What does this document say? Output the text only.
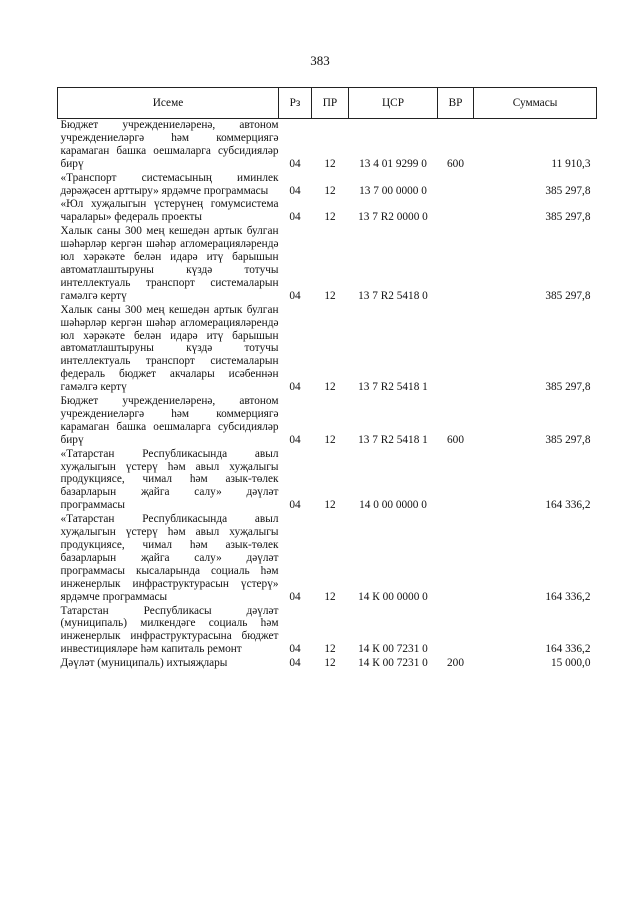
383
Исеме	Рз	ПР	ЦСР	ВР	Суммасы
Бюджет учреждениеләренә, автоном учреждениеләргә һәм коммерциягә карамаган башка оешмаларга субсидияләр бирү	04	12	13 4 01 9299 0	600	11 910,3
«Транспорт системасының иминлек дәрәҗәсен арттыру» ярдәмче программасы	04	12	13 7 00 0000 0		385 297,8
«Юл хуҗалыгын үстерүнең гомумсистема чаралары» федераль проекты	04	12	13 7 R2 0000 0		385 297,8
Халык саны 300 мең кешедән артык булган шәһәрләр кергән шәһәр агломерацияләрендә юл хәрәкәте белән идарә итү барышын автоматлаштыруны күздә тотучы интеллектуаль транспорт системаларын гамәлгә кертү	04	12	13 7 R2 5418 0		385 297,8
Халык саны 300 мең кешедән артык булган шәһәрләр кергән шәһәр агломерацияләрендә юл хәрәкәте белән идарә итү барышын автоматлаштыруны күздә тотучы интеллектуаль транспорт системаларын федераль бюджет акчалары исәбеннән гамәлгә кертү	04	12	13 7 R2 5418 1		385 297,8
Бюджет учреждениеләренә, автоном учреждениеләргә һәм коммерциягә карамаган башка оешмаларга субсидияләр бирү	04	12	13 7 R2 5418 1	600	385 297,8
«Татарстан Республикасында авыл хуҗалыгын үстерү һәм авыл хуҗалыгы продукциясе, чимал һәм азык-төлек базарларын җайга салу» дәүләт программасы	04	12	14 0 00 0000 0		164 336,2
«Татарстан Республикасында авыл хуҗалыгын үстерү һәм авыл хуҗалыгы продукциясе, чимал һәм азык-төлек базарларын җайга салу» дәүләт программасы кысаларында социаль һәм инженерлык инфраструктурасын үстерү» ярдәмче программасы	04	12	14 К 00 0000 0		164 336,2
Татарстан Республикасы дәүләт (муниципаль) милкендәге социаль һәм инженерлык инфраструктурасына бюджет инвестицияләре һәм капиталь ремонт	04	12	14 К 00 7231 0		164 336,2
Дәүләт (муниципаль) ихтыяҗлары	04	12	14 К 00 7231 0	200	15 000,0
